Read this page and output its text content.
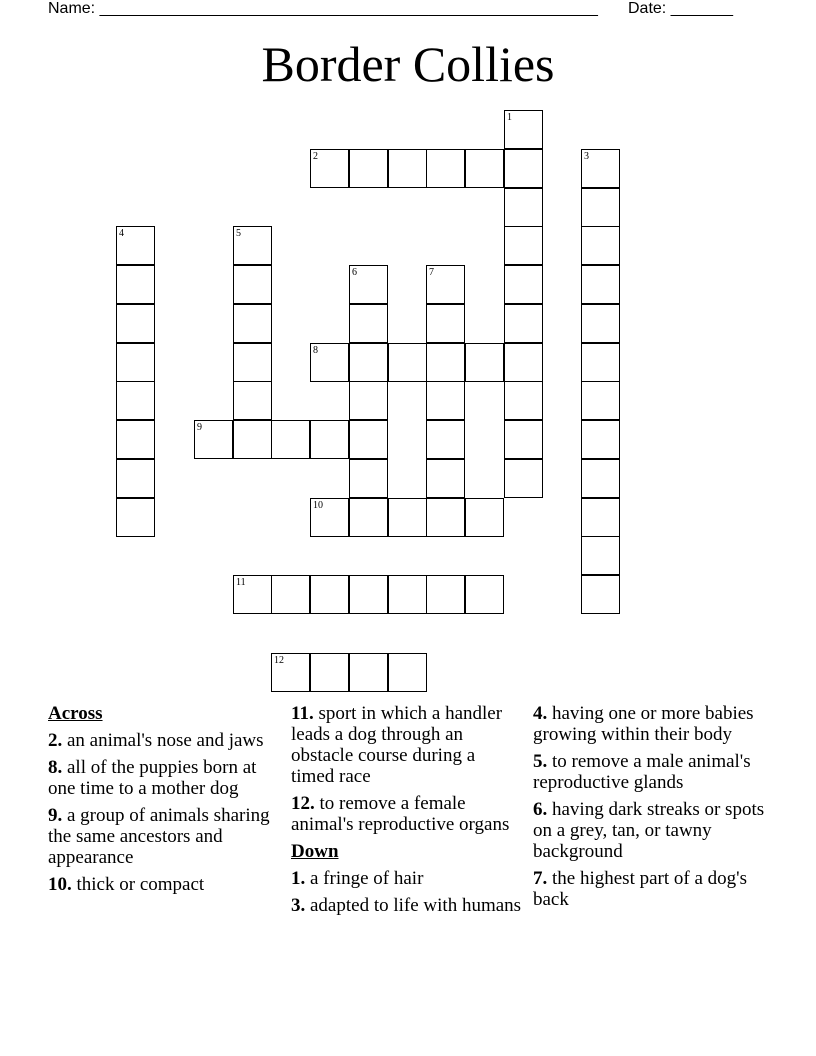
Name: ________________________________________________________ Date: _______
Border Collies
2
8
9
10
11
12
1
3
4	5
6	7
Across
2. an animal's nose and jaws
8. all of the puppies born at one time to a mother dog
9. a group of animals sharing the same ancestors and appearance
10. thick or compact
11. sport in which a handler leads a dog through an obstacle course during a timed race
12. to remove a female animal's reproductive organs
Down
1. a fringe of hair
3. adapted to life with humans
4. having one or more babies growing within their body
5. to remove a male animal's reproductive glands
6. having dark streaks or spots on a grey, tan, or tawny background
7. the highest part of a dog's back
